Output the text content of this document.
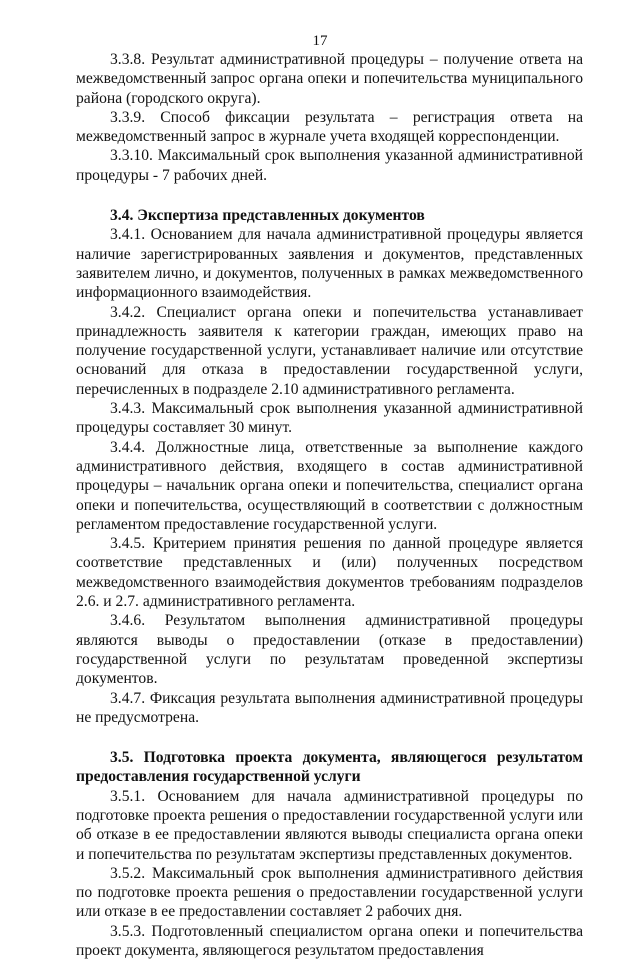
17

3.3.8. Результат административной процедуры – получение ответа на межведомственный запрос органа опеки и попечительства муниципального района (городского округа).

3.3.9. Способ фиксации результата – регистрация ответа на межведомственный запрос в журнале учета входящей корреспонденции.

3.3.10. Максимальный срок выполнения указанной административной процедуры - 7 рабочих дней.

3.4. Экспертиза представленных документов

3.4.1. Основанием для начала административной процедуры является наличие зарегистрированных заявления и документов, представленных заявителем лично, и документов, полученных в рамках межведомственного информационного взаимодействия.

3.4.2. Специалист органа опеки и попечительства устанавливает принадлежность заявителя к категории граждан, имеющих право на получение государственной услуги, устанавливает наличие или отсутствие оснований для отказа в предоставлении государственной услуги, перечисленных в подразделе 2.10 административного регламента.

3.4.3. Максимальный срок выполнения указанной административной процедуры составляет 30 минут.

3.4.4. Должностные лица, ответственные за выполнение каждого административного действия, входящего в состав административной процедуры – начальник органа опеки и попечительства, специалист органа опеки и попечительства, осуществляющий в соответствии с должностным регламентом предоставление государственной услуги.

3.4.5. Критерием принятия решения по данной процедуре является соответствие представленных и (или) полученных посредством межведомственного взаимодействия документов требованиям подразделов 2.6. и 2.7. административного регламента.

3.4.6. Результатом выполнения административной процедуры являются выводы о предоставлении (отказе в предоставлении) государственной услуги по результатам проведенной экспертизы документов.

3.4.7. Фиксация результата выполнения административной процедуры не предусмотрена.

3.5. Подготовка проекта документа, являющегося результатом предоставления государственной услуги

3.5.1. Основанием для начала административной процедуры по подготовке проекта решения о предоставлении государственной услуги или об отказе в ее предоставлении являются выводы специалиста органа опеки и попечительства по результатам экспертизы представленных документов.

3.5.2. Максимальный срок выполнения административного действия по подготовке проекта решения о предоставлении государственной услуги или отказе в ее предоставлении составляет 2 рабочих дня.

3.5.3. Подготовленный специалистом органа опеки и попечительства проект документа, являющегося результатом предоставления
